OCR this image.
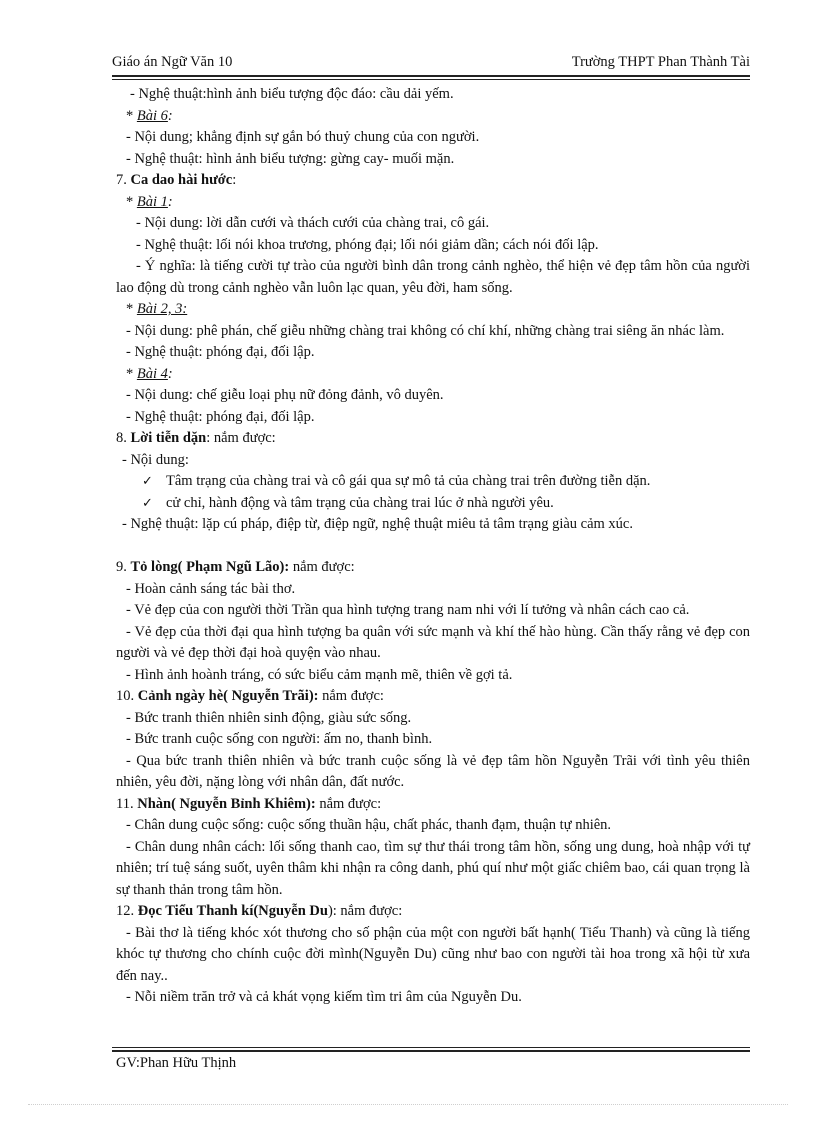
Giáo án Ngữ Văn 10	Trường THPT Phan Thành Tài

- Nghệ thuật:hình ảnh biểu tượng độc đáo: cầu dải yếm.

* Bài 6:

- Nội dung; khẳng định sự gắn bó thuỷ chung của con người.

- Nghệ thuật: hình ảnh biểu tượng: gừng cay- muối mặn.

7. Ca dao hài hước:

* Bài 1:

- Nội dung: lời dẫn cưới và thách cưới của chàng trai, cô gái.

- Nghệ thuật: lối nói khoa trương, phóng đại; lối nói giảm dần; cách nói đối lập.

- Ý nghĩa: là tiếng cười tự trào của người bình dân trong cảnh nghèo, thể hiện vẻ đẹp tâm hồn của người lao động dù trong cảnh nghèo vẫn luôn lạc quan, yêu đời, ham sống.

* Bài 2, 3:

- Nội dung: phê phán, chế giễu những chàng trai không có chí khí, những chàng trai siêng ăn nhác làm.

- Nghệ thuật: phóng đại, đối lập.

* Bài 4:

- Nội dung: chế giễu loại phụ nữ đỏng đảnh, vô duyên.

- Nghệ thuật: phóng đại, đối lập.

8. Lời tiễn dặn: nắm được:

- Nội dung:

✓ Tâm trạng của chàng trai và cô gái qua sự mô tả của chàng trai trên đường tiễn dặn.
✓ cử chỉ, hành động và tâm trạng của chàng trai lúc ở nhà người yêu.

- Nghệ thuật: lặp cú pháp, điệp từ, điệp ngữ, nghệ thuật miêu tả tâm trạng giàu cảm xúc.

9. Tỏ lòng( Phạm Ngũ Lão): nắm được:

- Hoàn cảnh sáng tác bài thơ.

- Vẻ đẹp của con người thời Trần qua hình tượng trang nam nhi với lí tưởng và nhân cách cao cả.

- Vẻ đẹp của thời đại qua hình tượng ba quân với sức mạnh và khí thế hào hùng. Cần thấy rằng vẻ đẹp con người và vẻ đẹp thời đại hoà quyện vào nhau.

- Hình ảnh hoành tráng, có sức biểu cảm mạnh mẽ, thiên về gợi tả.

10. Cảnh ngày hè( Nguyễn Trãi): nắm được:

- Bức tranh thiên nhiên sinh động, giàu sức sống.

- Bức tranh cuộc sống con người: ấm no, thanh bình.

- Qua bức tranh thiên nhiên và bức tranh cuộc sống là vẻ đẹp tâm hồn Nguyễn Trãi với tình yêu thiên nhiên, yêu đời, nặng lòng với nhân dân, đất nước.

11. Nhàn( Nguyễn Bỉnh Khiêm): nắm được:

- Chân dung cuộc sống: cuộc sống thuần hậu, chất phác, thanh đạm, thuận tự nhiên.

- Chân dung nhân cách: lối sống thanh cao, tìm sự thư thái trong tâm hồn, sống ung dung, hoà nhập với tự nhiên; trí tuệ sáng suốt, uyên thâm khi nhận ra công danh, phú quí như một giấc chiêm bao, cái quan trọng là sự thanh thản trong tâm hồn.

12. Đọc Tiểu Thanh kí(Nguyễn Du): nắm được:

- Bài thơ là tiếng khóc xót thương cho số phận của một con người bất hạnh( Tiểu Thanh) và cũng là tiếng khóc tự thương cho chính cuộc đời mình(Nguyễn Du) cũng như bao con người tài hoa trong xã hội từ xưa đến nay..

- Nỗi niềm trăn trở và cả khát vọng kiếm tìm tri âm của Nguyễn Du.

GV:Phan Hữu Thịnh
